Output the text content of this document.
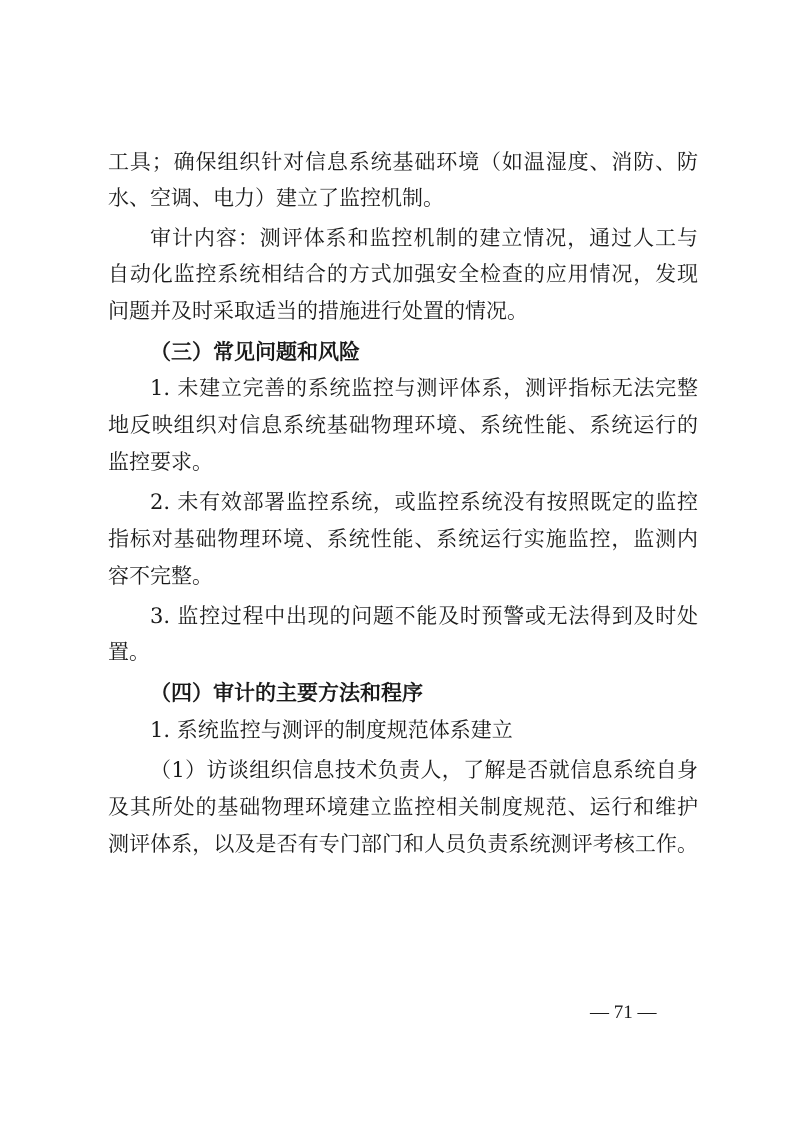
工具；确保组织针对信息系统基础环境（如温湿度、消防、防
水、空调、电力）建立了监控机制。
审计内容：测评体系和监控机制的建立情况，通过人工与
自动化监控系统相结合的方式加强安全检查的应用情况，发现
问题并及时采取适当的措施进行处置的情况。
（三）常见问题和风险
1. 未建立完善的系统监控与测评体系，测评指标无法完整
地反映组织对信息系统基础物理环境、系统性能、系统运行的
监控要求。
2. 未有效部署监控系统，或监控系统没有按照既定的监控
指标对基础物理环境、系统性能、系统运行实施监控，监测内
容不完整。
3. 监控过程中出现的问题不能及时预警或无法得到及时处
置。
（四）审计的主要方法和程序
1. 系统监控与测评的制度规范体系建立
（1）访谈组织信息技术负责人，了解是否就信息系统自身
及其所处的基础物理环境建立监控相关制度规范、运行和维护
测评体系，以及是否有专门部门和人员负责系统测评考核工作。
— 71 —
